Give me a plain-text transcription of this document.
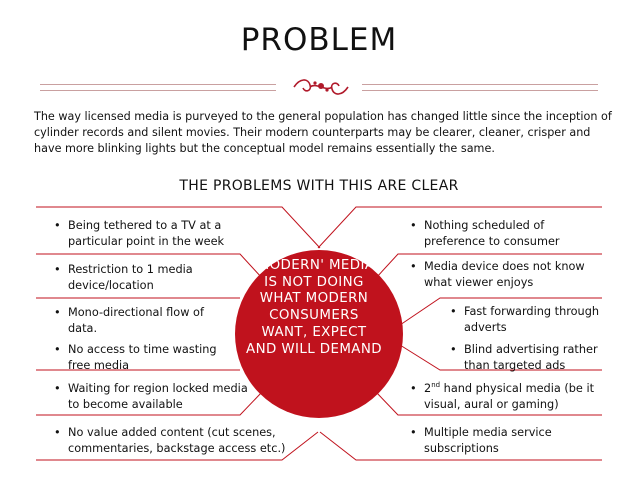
PROBLEM
The way licensed media is purveyed to the general population has changed little since the inception of cylinder records and silent movies. Their modern counterparts may be clearer, cleaner, crisper and have more blinking lights but the conceptual model remains essentially the same.
THE PROBLEMS WITH THIS ARE CLEAR
'MODERN' MEDIA IS NOT DOING WHAT MODERN CONSUMERS WANT, EXPECT AND WILL DEMAND
• Being tethered to a TV at a particular point in the week
• Restriction to 1 media device/location
• Mono-directional flow of data.
• No access to time wasting free media
• Waiting for region locked media to become available
• No value added content (cut scenes, commentaries, backstage access etc.)
• Nothing scheduled of preference to consumer
• Media device does not know what viewer enjoys
• Fast forwarding through adverts
• Blind advertising rather than targeted ads
• 2nd hand physical media (be it visual, aural or gaming)
• Multiple media service subscriptions
